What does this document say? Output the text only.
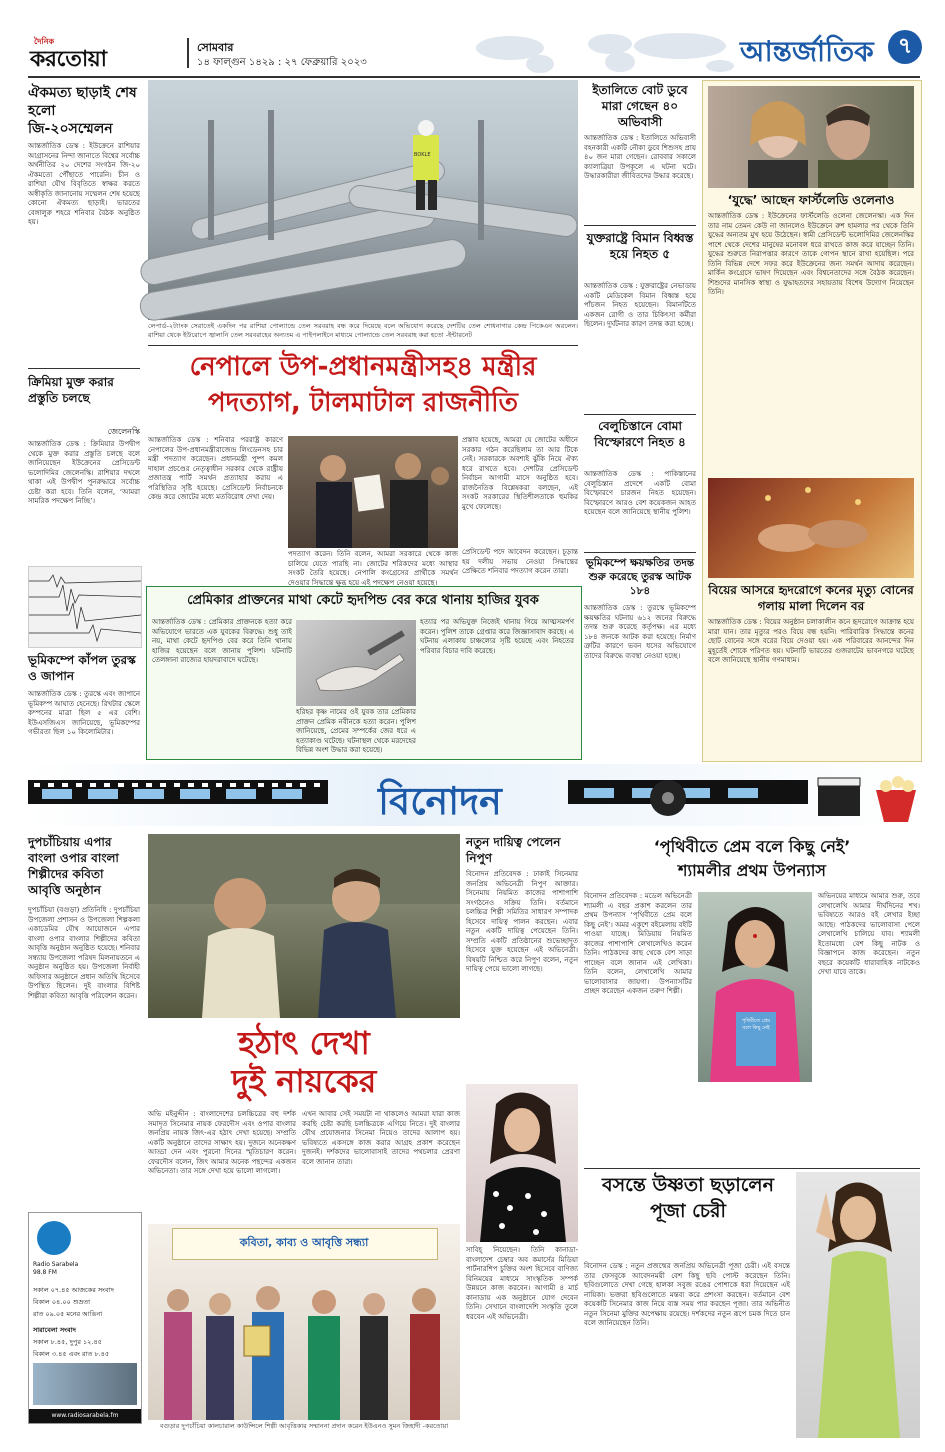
দৈনিক
করতোয়া	সোমবার
১৪ ফাল্গুন ১৪২৯ : ২৭ ফেব্রুয়ারি ২০২৩	আন্তর্জাতিক	৭
ঐকমত্য ছাড়াই শেষ হলো জি-২০সম্মেলন
আন্তর্জাতিক ডেস্ক : ইউক্রেনে রাশিয়ার আগ্রাসনের নিন্দা জানাতে বিশ্বের সর্বোচ্চ অর্থনীতির ২০ দেশের সংগঠন জি-২০ ঐকমত্যে পৌঁছাতে পারেনি। চীন ও রাশিয়া যৌথ বিবৃতিতে স্বাক্ষর করতে অস্বীকৃতি জানানোয় সম্মেলন শেষ হয়েছে কোনো ঐকমত্য ছাড়াই। ভারতের বেঙ্গালুরু শহরে শনিবার বৈঠক অনুষ্ঠিত হয়।
ক্রিমিয়া মুক্ত করার প্রস্তুতি চলছে
জেলেনস্কি
আন্তর্জাতিক ডেস্ক : ক্রিমিয়ার উপদ্বীপ থেকে মুক্ত করার প্রস্তুতি চলছে বলে জানিয়েছেন ইউক্রেনের প্রেসিডেন্ট ভলোদিমির জেলেনস্কি। রাশিয়ার দখলে থাকা এই উপদ্বীপ পুনরুদ্ধারে সর্বোচ্চ চেষ্টা করা হবে। তিনি বলেন, ‘আমরা সামরিক পদক্ষেপ নিচ্ছি’।
ভূমিকম্পে কাঁপল তুরস্ক ও জাপান
আন্তর্জাতিক ডেস্ক : তুরস্কে এবং জাপানে ভূমিকম্প আঘাত হেনেছে। রিখটার স্কেলে কম্পনের মাত্রা ছিল ৫ এর বেশি। ইউএসজিএস জানিয়েছে, ভূমিকম্পের গভীরতা ছিল ১০ কিলোমিটার।
BOKLE
লেপার্ড-২ট্যাংক সেরাতেই একদিন পর রাশিয়া পোল্যান্ডে তেল সরবরাহ বন্ধ করে দিয়েছে বলে অভিযোগ করেছে দেশটির তেল শোধনাগার কেন্দ্র পিকেএন অরলেন। রাশিয়া থেকে ইউরোপে জ্বালানি তেল সরবরাহের অন্যতম এ পাইপলাইনে মাধ্যমে পোল্যান্ডে তেল সরবরাহ করা হতো -ইন্টারনেট
নেপালে উপ-প্রধানমন্ত্রীসহ৪ মন্ত্রীর
পদত্যাগ, টালমাটাল রাজনীতি
আন্তর্জাতিক ডেস্ক : শনিবার পররাষ্ট্র কারণে নেপালের উপ-প্রধানমন্ত্রীরাজেন্দ্র লিংডেনসহ চার মন্ত্রী পদত্যাগ করেছেন। প্রধানমন্ত্রী পুষ্প কমল দাহাল প্রচণ্ডের নেতৃত্বাধীন সরকার থেকে রাষ্ট্রীয় প্রজাতন্ত্র পার্টি সমর্থন প্রত্যাহার করায় এ পরিস্থিতির সৃষ্টি হয়েছে। প্রেসিডেন্ট নির্বাচনকে কেন্দ্র করে জোটের মধ্যে মতবিরোধ দেখা দেয়।
পদত্যাগ করেন। তিনি বলেন, আমরা সরকারে থেকে কাজ চালিয়ে যেতে পারছি না। জোটের শরিকদের মধ্যে আস্থার সংকট তৈরি হয়েছে। নেপালি কংগ্রেসের প্রার্থীকে সমর্থন দেওয়ার সিদ্ধান্তে ক্ষুব্ধ হয়ে এই পদক্ষেপ নেওয়া হয়েছে।
প্রস্তাব হয়েছে, আমরা যে জোটের অধীনে সরকার গঠন করেছিলাম তা আর টিকে নেই। সরকারকে অবশ্যই ঝুঁকি নিয়ে ঐক্য ধরে রাখতে হবে। দেশটির প্রেসিডেন্ট নির্বাচন আগামী মাসে অনুষ্ঠিত হবে। রাজনৈতিক বিশ্লেষকরা বলছেন, এই সংকট সরকারের স্থিতিশীলতাকে হুমকির মুখে ফেলেছে।
প্রেসিডেন্ট পদে আবেদন করেছেন। চূড়ান্ত হয় দলীয় সভায় নেওয়া সিদ্ধান্তের প্রেক্ষিতে শনিবার পদত্যাগ করেন তারা।
প্রেমিকার প্রাক্তনের মাথা কেটে হৃদপিন্ড বের করে থানায় হাজির যুবক
আন্তর্জাতিক ডেস্ক : প্রেমিকার প্রাক্তনকে হত্যা করে অভিযোগে ভারতে এক যুবকের বিরুদ্ধে। শুধু তাই নয়, মাথা কেটে হৃদপিণ্ড বের করে তিনি থানায় হাজির হয়েছেন বলে জানায় পুলিশ। ঘটনাটি তেলঙ্গানা রাজ্যের হায়দরাবাদে ঘটেছে।
হরিহর কৃষ্ণ নামের ওই যুবক তার প্রেমিকার প্রাক্তন প্রেমিক নবীনকে হত্যা করেন। পুলিশ জানিয়েছে, প্রেমের সম্পর্কের জের ধরে এ হত্যাকাণ্ড ঘটেছে। ঘটনাস্থল থেকে মরদেহের বিভিন্ন অংশ উদ্ধার করা হয়েছে।
হত্যার পর অভিযুক্ত নিজেই থানায় গিয়ে আত্মসমর্পণ করেন। পুলিশ তাকে গ্রেপ্তার করে জিজ্ঞাসাবাদ করছে। এ ঘটনায় এলাকায় চাঞ্চল্যের সৃষ্টি হয়েছে এবং নিহতের পরিবার বিচার দাবি করেছে।
ইতালিতে বোট ডুবে মারা গেছেন ৪০ অভিবাসী
আন্তর্জাতিক ডেস্ক : ইতালিতে অভিবাসী বহনকারী একটি নৌকা ডুবে শিশুসহ প্রায় ৪০ জন মারা গেছেন। রোববার সকালে ক্যালাব্রিয়া উপকূলে এ ঘটনা ঘটে। উদ্ধারকারীরা জীবিতদের উদ্ধার করেছে।
যুক্তরাষ্ট্রে বিমান বিধ্বস্ত হয়ে নিহত ৫
আন্তর্জাতিক ডেস্ক : যুক্তরাষ্ট্রের নেভাডায় একটি মেডিকেল বিমান বিধ্বস্ত হয়ে পাঁচজন নিহত হয়েছেন। বিমানটিতে একজন রোগী ও তার চিকিৎসা কর্মীরা ছিলেন। দুর্ঘটনার কারণ তদন্ত করা হচ্ছে।
বেলুচিস্তানে বোমা বিস্ফোরণে নিহত ৪
আন্তর্জাতিক ডেস্ক : পাকিস্তানের বেলুচিস্তান প্রদেশে একটি বোমা বিস্ফোরণে চারজন নিহত হয়েছেন। বিস্ফোরণে আরও বেশ কয়েকজন আহত হয়েছেন বলে জানিয়েছে স্থানীয় পুলিশ।
ভূমিকম্পে ক্ষয়ক্ষতির তদন্ত শুরু করেছে তুরস্ক আটক ১৮৪
আন্তর্জাতিক ডেস্ক : তুরস্কে ভূমিকম্পে ক্ষয়ক্ষতির ঘটনায় ৬১২ জনের বিরুদ্ধে তদন্ত শুরু করেছে কর্তৃপক্ষ। এর মধ্যে ১৮৪ জনকে আটক করা হয়েছে। নির্মাণ ত্রুটির কারণে ভবন ধসের অভিযোগে তাদের বিরুদ্ধে ব্যবস্থা নেওয়া হচ্ছে।
‘যুদ্ধে’ আছেন ফার্স্টলেডি ওলেনাও
আন্তর্জাতিক ডেস্ক : ইউক্রেনের ফার্স্টলেডি ওলেনা জেলেনস্কা। এক দিন তার নাম তেমন কেউ না জানলেও ইউক্রেনে রুশ হামলার পর থেকে তিনি যুদ্ধের অন্যতম মুখ হয়ে উঠেছেন। স্বামী প্রেসিডেন্ট ভলোদিমির জেলেনস্কির পাশে থেকে দেশের মানুষের মনোবল ধরে রাখতে কাজ করে যাচ্ছেন তিনি। যুদ্ধের শুরুতে নিরাপত্তার কারণে তাকে গোপন স্থানে রাখা হয়েছিল। পরে তিনি বিভিন্ন দেশে সফর করে ইউক্রেনের জন্য সমর্থন আদায় করেছেন। মার্কিন কংগ্রেসে ভাষণ দিয়েছেন এবং বিশ্বনেতাদের সঙ্গে বৈঠক করেছেন। শিশুদের মানসিক স্বাস্থ্য ও যুদ্ধাহতদের সহায়তায় বিশেষ উদ্যোগ নিয়েছেন তিনি।
বিয়ের আসরে হৃদরোগে কনের মৃত্যু বোনের গলায় মালা দিলেন বর
আন্তর্জাতিক ডেস্ক : বিয়ের অনুষ্ঠান চলাকালীন কনে হৃদরোগে আক্রান্ত হয়ে মারা যান। তার মৃত্যুর পরও বিয়ে বন্ধ হয়নি। পারিবারিক সিদ্ধান্তে কনের ছোট বোনের সঙ্গে বরের বিয়ে দেওয়া হয়। এক পরিবারের আনন্দের দিন মুহূর্তেই শোকে পরিণত হয়। ঘটনাটি ভারতের গুজরাটের ভাবনগরে ঘটেছে বলে জানিয়েছে স্থানীয় গণমাধ্যম।
বিনোদন
দুপচাঁচিয়ায় এপার বাংলা ওপার বাংলা শিল্পীদের কবিতা আবৃত্তি অনুষ্ঠান
দুপচাঁচিয়া (বগুড়া) প্রতিনিধি : দুপচাঁচিয়া উপজেলা প্রশাসন ও উপজেলা শিল্পকলা একাডেমির যৌথ আয়োজনে এপার বাংলা ওপার বাংলার শিল্পীদের কবিতা আবৃত্তি অনুষ্ঠান অনুষ্ঠিত হয়েছে। শনিবার সন্ধ্যায় উপজেলা পরিষদ মিলনায়তনে এ অনুষ্ঠান অনুষ্ঠিত হয়। উপজেলা নির্বাহী অফিসার অনুষ্ঠানে প্রধান অতিথি হিসেবে উপস্থিত ছিলেন। দুই বাংলার বিশিষ্ট শিল্পীরা কবিতা আবৃত্তি পরিবেশন করেন।
Radio Sarabela
98.8 FM
সকাল ০৭.৪৫ আজকের সংবাদ
বিকাল ০৪.০০ শুভ্রতা
রাত ০৯.০৫ মনের আঙিনা
সারাবেলা সংবাদ
সকাল ৮.৪৫, দুপুর ১২.৪৫
বিকাল ৩.৪৫ এবং রাত ৮.৪৫
www.radiosarabela.fm
হঠাৎ দেখা
দুই নায়কের
অভি মইনুদ্দীন : বাংলাদেশের চলচ্চিত্রের বহু দর্শক সমাদৃত সিনেমার নায়ক ফেরদৌস এবং ওপার বাংলার জনপ্রিয় নায়ক জিৎ-এর হঠাৎ দেখা হয়েছে। সম্প্রতি একটি অনুষ্ঠানে তাদের সাক্ষাৎ হয়। দুজনে অনেকক্ষণ আড্ডা দেন এবং পুরনো দিনের স্মৃতিচারণ করেন। ফেরদৌস বলেন, জিৎ আমার অনেক পছন্দের একজন অভিনেতা। তার সঙ্গে দেখা হয়ে ভালো লাগলো।
এখন আবার সেই সময়টা না থাকলেও আমরা যারা কাজ করছি চেষ্টা করছি চলচ্চিত্রকে এগিয়ে নিতে। দুই বাংলার যৌথ প্রযোজনার সিনেমা নিয়েও তাদের আলাপ হয়। ভবিষ্যতে একসঙ্গে কাজ করার আগ্রহ প্রকাশ করেছেন দুজনই। দর্শকদের ভালোবাসাই তাদের পথচলার প্রেরণা বলে জানান তারা।
কবিতা, কাব্য ও আবৃত্তি সন্ধ্যা
বগুড়ার দুপচাঁচিয়া কালচারাল কাউন্সিলে শিল্পী আবৃত্তিকার সম্মাননা প্রদান করেন ইউএনও সুমন জিহাদী -করতোয়া
নতুন দায়িত্ব পেলেন নিপুণ
বিনোদন প্রতিবেদক : ঢাকাই সিনেমার জনপ্রিয় অভিনেত্রী নিপুণ আক্তার। সিনেমায় নিয়মিত কাজের পাশাপাশি সংগঠনেও সক্রিয় তিনি। বর্তমানে চলচ্চিত্র শিল্পী সমিতির সাধারণ সম্পাদক হিসেবে দায়িত্ব পালন করছেন। এবার নতুন একটি দায়িত্ব পেয়েছেন তিনি। সম্প্রতি একটি প্রতিষ্ঠানের শুভেচ্ছাদূত হিসেবে যুক্ত হয়েছেন এই অভিনেত্রী। বিষয়টি নিশ্চিত করে নিপুণ বলেন, নতুন দায়িত্ব পেয়ে ভালো লাগছে।
সাবিহ্ নিয়েছেন। তিনি কানাডা-বাংলাদেশ চেম্বার অব কমার্সের মিডিয়া পার্টনারশিপ চুক্তির অংশ হিসেবে বাণিজ্য বিনিময়ের মাধ্যমে সাংস্কৃতিক সম্পর্ক উন্নয়নে কাজ করবেন। আগামী ৪ মার্চ কানাডায় এক অনুষ্ঠানে যোগ দেবেন তিনি। সেখানে বাংলাদেশি সংস্কৃতি তুলে ধরবেন এই অভিনেত্রী।
‘পৃথিবীতে প্রেম বলে কিছু নেই’
শ্যামলীর প্রথম উপন্যাস
বিনোদন প্রতিবেদক : মডেল অভিনেত্রী শ্যামলী এ বছর প্রকাশ করলেন তার প্রথম উপন্যাস ‘পৃথিবীতে প্রেম বলে কিছু নেই’। অমর একুশে বইমেলায় বইটি পাওয়া যাচ্ছে। মিডিয়ায় নিয়মিত কাজের পাশাপাশি লেখালেখিও করেন তিনি। পাঠকদের কাছ থেকে বেশ সাড়া পাচ্ছেন বলে জানান এই লেখিকা। তিনি বলেন, লেখালেখি আমার ভালোবাসার জায়গা। উপন্যাসটির প্রচ্ছদ করেছেন একজন তরুণ শিল্পী।
পৃথিবীতে প্রেম বলে কিছু নেই
অভিনয়ের মাধ্যমে আমার শুরু, তবে লেখালেখি আমার দীর্ঘদিনের শখ। ভবিষ্যতে আরও বই লেখার ইচ্ছা আছে। পাঠকদের ভালোবাসা পেলে লেখালেখি চালিয়ে যাব। শ্যামলী ইতোমধ্যে বেশ কিছু নাটক ও বিজ্ঞাপনে কাজ করেছেন। নতুন বছরে কয়েকটি ধারাবাহিক নাটকেও দেখা যাবে তাকে।
বসন্তে উষ্ণতা ছড়ালেন পূজা চেরী
বিনোদন ডেস্ক : নতুন প্রজন্মের জনপ্রিয় অভিনেত্রী পূজা চেরী। এই বসন্তে তার ফেসবুকে আবেদনময়ী বেশ কিছু ছবি পোস্ট করেছেন তিনি। ছবিগুলোতে দেখা গেছে হালকা সবুজ রঙের পোশাকে ধরা দিয়েছেন এই নায়িকা। ভক্তরা ছবিগুলোতে মন্তব্য করে প্রশংসা করছেন। বর্তমানে বেশ কয়েকটি সিনেমার কাজ নিয়ে ব্যস্ত সময় পার করছেন পূজা। তার অভিনীত নতুন সিনেমা মুক্তির অপেক্ষায় রয়েছে। দর্শকদের নতুন রূপে চমক দিতে চান বলে জানিয়েছেন তিনি।
